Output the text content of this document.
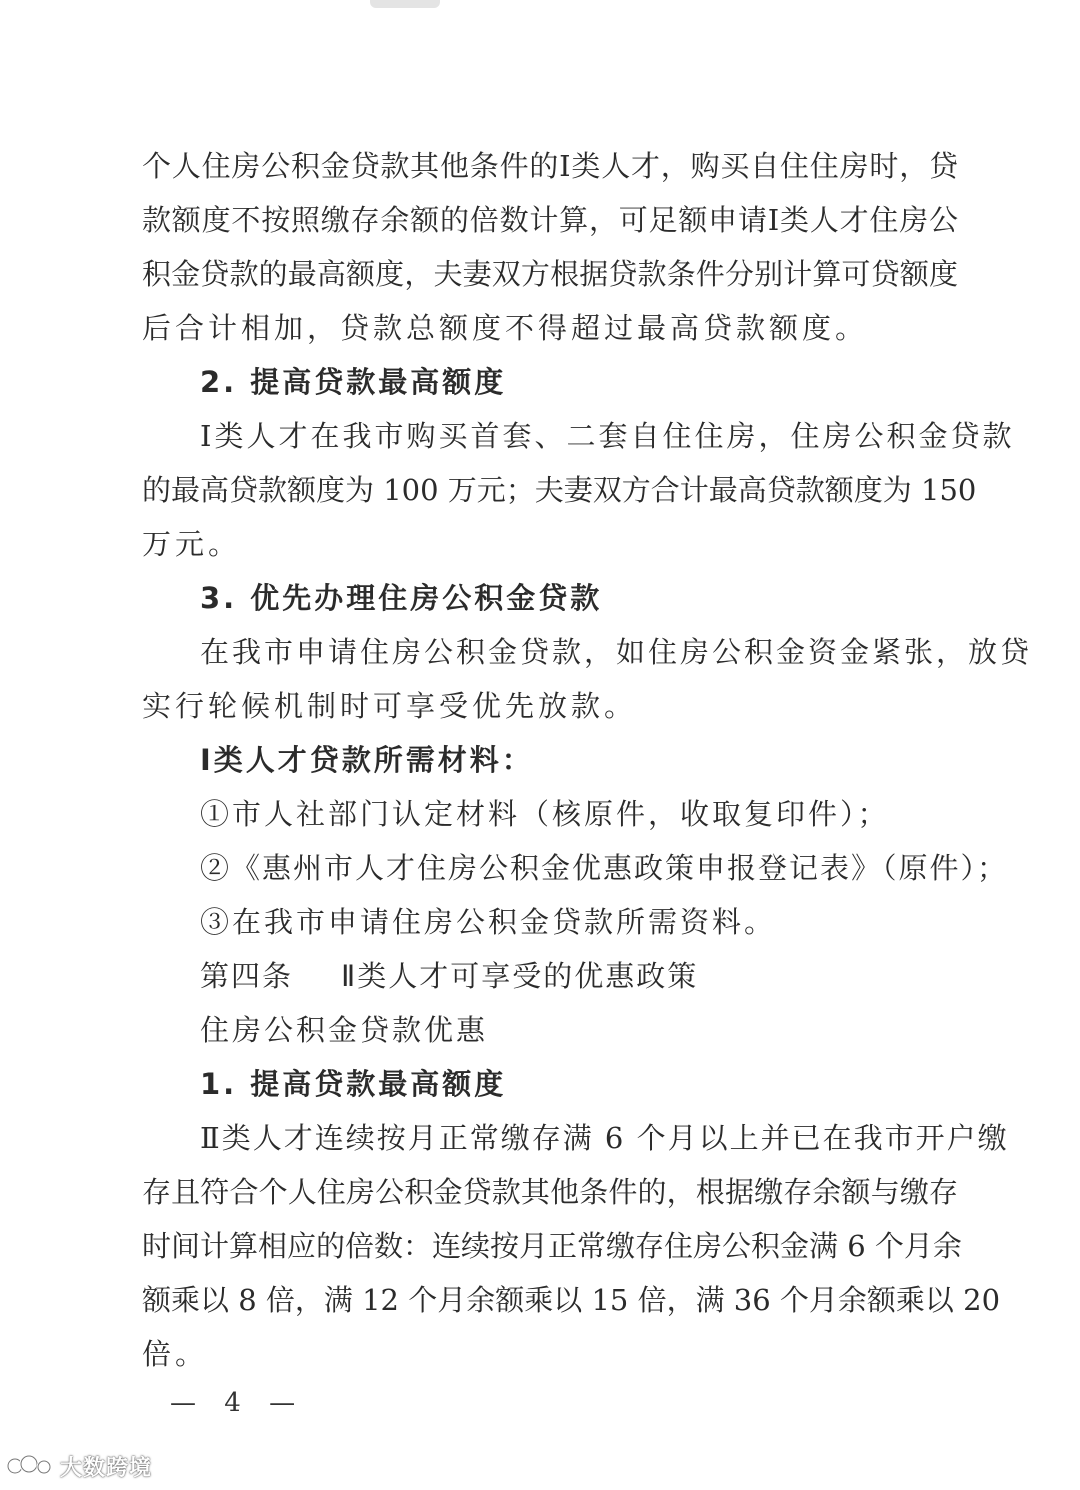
个人住房公积金贷款其他条件的Ⅰ类人才，购买自住住房时，贷
款额度不按照缴存余额的倍数计算，可足额申请Ⅰ类人才住房公
积金贷款的最高额度，夫妻双方根据贷款条件分别计算可贷额度
后合计相加，贷款总额度不得超过最高贷款额度。
2. 提高贷款最高额度
Ⅰ类人才在我市购买首套、二套自住住房，住房公积金贷款
的最高贷款额度为 100 万元；夫妻双方合计最高贷款额度为 150
万元。
3. 优先办理住房公积金贷款
在我市申请住房公积金贷款，如住房公积金资金紧张，放贷
实行轮候机制时可享受优先放款。
Ⅰ类人才贷款所需材料：
①市人社部门认定材料（核原件，收取复印件）；
②《惠州市人才住房公积金优惠政策申报登记表》（原件）；
③在我市申请住房公积金贷款所需资料。
第四条 Ⅱ类人才可享受的优惠政策
住房公积金贷款优惠
1. 提高贷款最高额度
Ⅱ类人才连续按月正常缴存满 6 个月以上并已在我市开户缴
存且符合个人住房公积金贷款其他条件的，根据缴存余额与缴存
时间计算相应的倍数：连续按月正常缴存住房公积金满 6 个月余
额乘以 8 倍，满 12 个月余额乘以 15 倍，满 36 个月余额乘以 20
倍。
— 4 —
大数跨境
